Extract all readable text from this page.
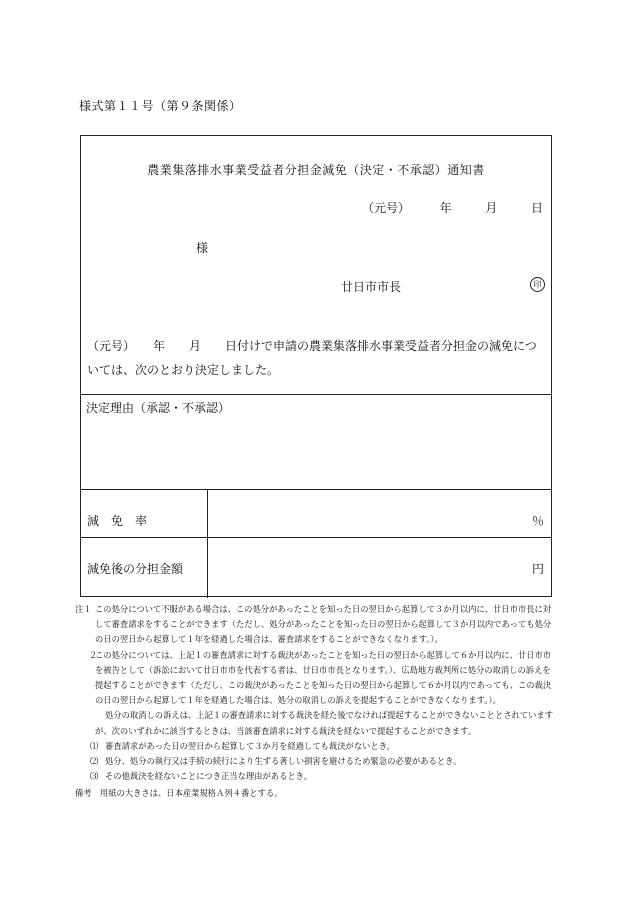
様式第１１号（第９条関係）
農業集落排水事業受益者分担金減免（決定・不承認）通知書
（元号） 年	月	日
様
廿日市市長	印
（元号）　　年　　月　　日付けで申請の農業集落排水事業受益者分担金の減免については、次のとおり決定しました。
決定理由（承認・不承認）
減免率	％
減免後の分担金額	円
注１ この処分について不服がある場合は、この処分があったことを知った日の翌日から起算して３か月以内に、廿日市市長に対して審査請求をすることができます（ただし、処分があったことを知った日の翌日から起算して３か月以内であっても処分の日の翌日から起算して１年を経過した場合は、審査請求をすることができなくなります。）。
２
この処分については、上記１の審査請求に対する裁決があったことを知った日の翌日から起算して６か月以内に、廿日市市を被告として（訴訟において廿日市市を代表する者は、廿日市市長となります。）、広島地方裁判所に処分の取消しの訴えを提起することができます（ただし、この裁決があったことを知った日の翌日から起算して６か月以内であっても、この裁決の日の翌日から起算して１年を経過した場合は、処分の取消しの訴えを提起することができなくなります。）。
処分の取消しの訴えは、上記１の審査請求に対する裁決を経た後でなければ提起することができないこととされていますが、次のいずれかに該当するときは、当該審査請求に対する裁決を経ないで提起することができます。
⑴ 審査請求があった日の翌日から起算して３か月を経過しても裁決がないとき。
⑵ 処分、処分の執行又は手続の続行により生ずる著しい損害を避けるため緊急の必要があるとき。
⑶ その他裁決を経ないことにつき正当な理由があるとき。
備考　用紙の大きさは、日本産業規格Ａ列４番とする。
